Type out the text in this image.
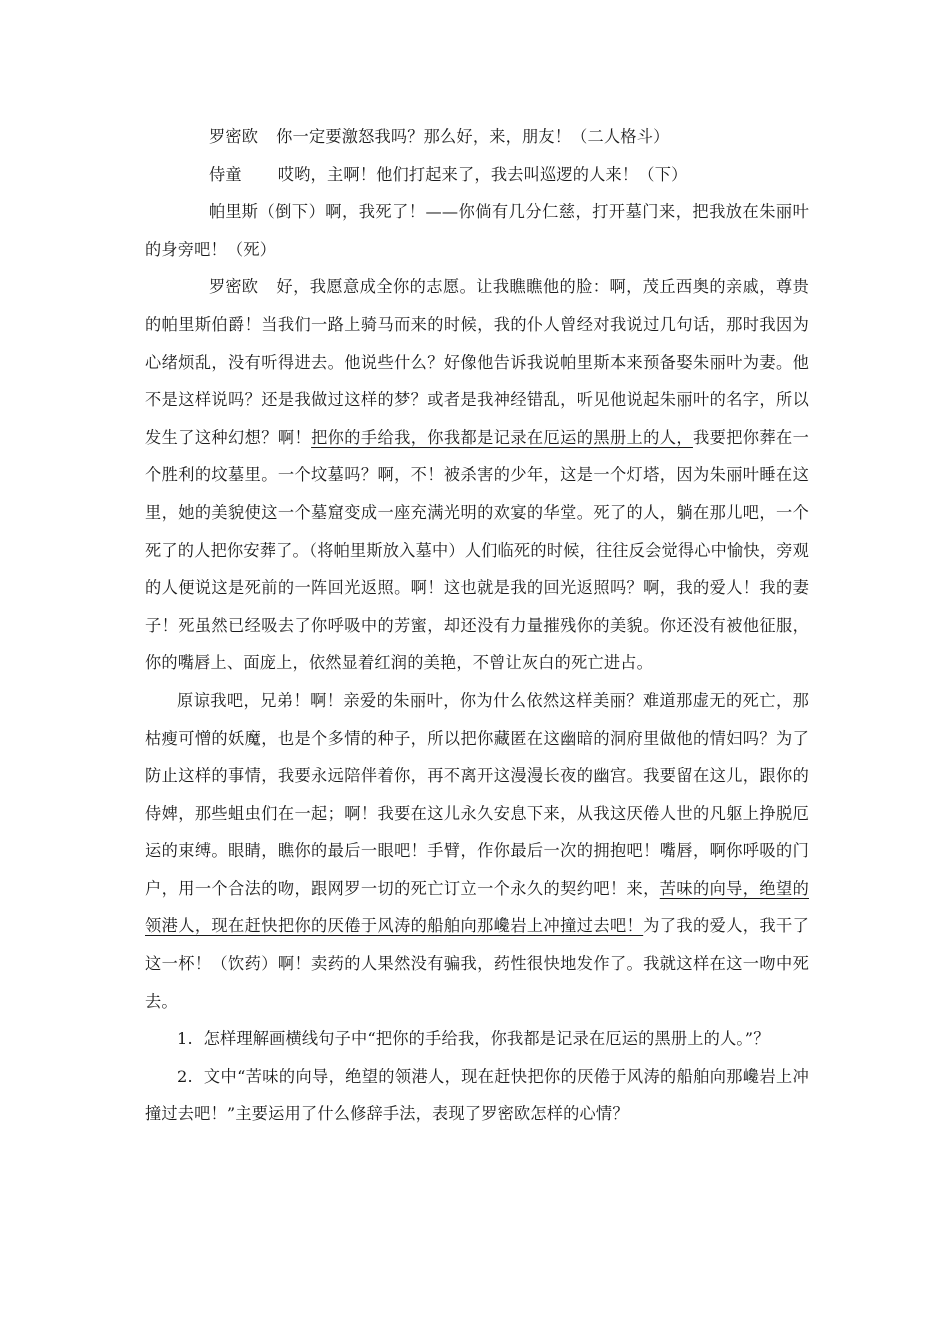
罗密欧 你一定要激怒我吗？那么好，来，朋友！（二人格斗）

侍童 哎哟，主啊！他们打起来了，我去叫巡逻的人来！（下）

帕里斯（倒下）啊，我死了！——你倘有几分仁慈，打开墓门来，把我放在朱丽叶的身旁吧！（死）

罗密欧 好，我愿意成全你的志愿。让我瞧瞧他的脸：啊，茂丘西奥的亲戚，尊贵的帕里斯伯爵！当我们一路上骑马而来的时候，我的仆人曾经对我说过几句话，那时我因为心绪烦乱，没有听得进去。他说些什么？好像他告诉我说帕里斯本来预备娶朱丽叶为妻。他不是这样说吗？还是我做过这样的梦？或者是我神经错乱，听见他说起朱丽叶的名字，所以发生了这种幻想？啊！把你的手给我，你我都是记录在厄运的黑册上的人，我要把你葬在一个胜利的坟墓里。一个坟墓吗？啊，不！被杀害的少年，这是一个灯塔，因为朱丽叶睡在这里，她的美貌使这一个墓窟变成一座充满光明的欢宴的华堂。死了的人，躺在那儿吧，一个死了的人把你安葬了。（将帕里斯放入墓中）人们临死的时候，往往反会觉得心中愉快，旁观的人便说这是死前的一阵回光返照。啊！这也就是我的回光返照吗？啊，我的爱人！我的妻子！死虽然已经吸去了你呼吸中的芳蜜，却还没有力量摧残你的美貌。你还没有被他征服，你的嘴唇上、面庞上，依然显着红润的美艳，不曾让灰白的死亡进占。

原谅我吧，兄弟！啊！亲爱的朱丽叶，你为什么依然这样美丽？难道那虚无的死亡，那枯瘦可憎的妖魔，也是个多情的种子，所以把你藏匿在这幽暗的洞府里做他的情妇吗？为了防止这样的事情，我要永远陪伴着你，再不离开这漫漫长夜的幽宫。我要留在这儿，跟你的侍婢，那些蛆虫们在一起；啊！我要在这儿永久安息下来，从我这厌倦人世的凡躯上挣脱厄运的束缚。眼睛，瞧你的最后一眼吧！手臂，作你最后一次的拥抱吧！嘴唇，啊你呼吸的门户，用一个合法的吻，跟网罗一切的死亡订立一个永久的契约吧！来，苦味的向导，绝望的领港人，现在赶快把你的厌倦于风涛的船舶向那巉岩上冲撞过去吧！为了我的爱人，我干了这一杯！（饮药）啊！卖药的人果然没有骗我，药性很快地发作了。我就这样在这一吻中死去。

1. 怎样理解画横线句子中“把你的手给我，你我都是记录在厄运的黑册上的人。”？

2. 文中“苦味的向导，绝望的领港人，现在赶快把你的厌倦于风涛的船舶向那巉岩上冲撞过去吧！”主要运用了什么修辞手法，表现了罗密欧怎样的心情？
